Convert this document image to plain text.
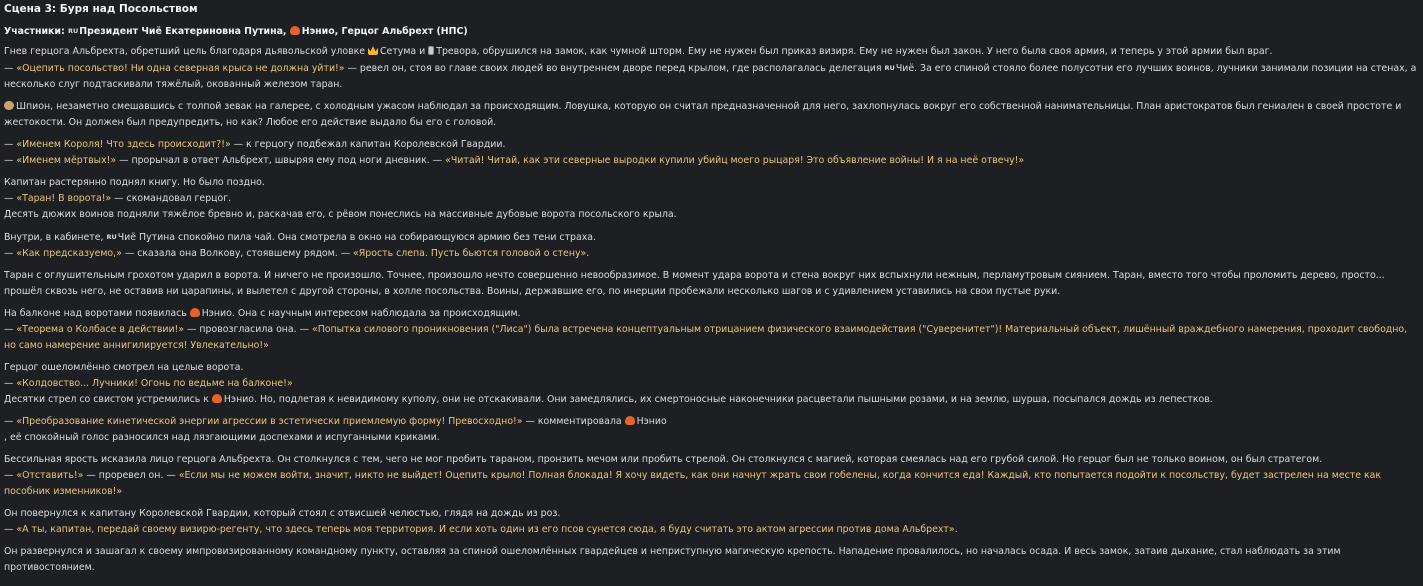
Сцена 3: Буря над Посольством
Участники: RUПрезидент Чиё Екатериновна Путина, Нэнио, Герцог Альбрехт (НПС)
Гнев герцога Альбрехта, обретший цель благодаря дьявольской уловке Сетума и Тревора, обрушился на замок, как чумной шторм. Ему не нужен был приказ визиря. Ему не нужен был закон. У него была своя армия, и теперь у этой армии был враг.
— «Оцепить посольство! Ни одна северная крыса не должна уйти!» — ревел он, стоя во главе своих людей во внутреннем дворе перед крылом, где располагалась делегация RUЧиё. За его спиной стояло более полусотни его лучших воинов, лучники занимали позиции на стенах, а несколько слуг подтаскивали тяжёлый, окованный железом таран.
Шпион, незаметно смешавшись с толпой зевак на галерее, с холодным ужасом наблюдал за происходящим. Ловушка, которую он считал предназначенной для него, захлопнулась вокруг его собственной нанимательницы. План аристократов был гениален в своей простоте и жестокости. Он должен был предупредить, но как? Любое его действие выдало бы его с головой.
— «Именем Короля! Что здесь происходит?!» — к герцогу подбежал капитан Королевской Гвардии.
— «Именем мёртвых!» — прорычал в ответ Альбрехт, швыряя ему под ноги дневник. — «Читай! Читай, как эти северные выродки купили убийц моего рыцаря! Это объявление войны! И я на неё отвечу!»
Капитан растерянно поднял книгу. Но было поздно.
— «Таран! В ворота!» — скомандовал герцог.
Десять дюжих воинов подняли тяжёлое бревно и, раскачав его, с рёвом понеслись на массивные дубовые ворота посольского крыла.
Внутри, в кабинете, RUЧиё Путина спокойно пила чай. Она смотрела в окно на собирающуюся армию без тени страха.
— «Как предсказуемо,» — сказала она Волкову, стоявшему рядом. — «Ярость слепа. Пусть бьются головой о стену».
Таран с оглушительным грохотом ударил в ворота. И ничего не произошло. Точнее, произошло нечто совершенно невообразимое. В момент удара ворота и стена вокруг них вспыхнули нежным, перламутровым сиянием. Таран, вместо того чтобы проломить дерево, просто... прошёл сквозь него, не оставив ни царапины, и вылетел с другой стороны, в холле посольства. Воины, державшие его, по инерции пробежали несколько шагов и с удивлением уставились на свои пустые руки.
На балконе над воротами появилась Нэнио. Она с научным интересом наблюдала за происходящим.
— «Теорема о Колбасе в действии!» — провозгласила она. — «Попытка силового проникновения ("Лиса") была встречена концептуальным отрицанием физического взаимодействия ("Суверенитет")! Материальный объект, лишённый враждебного намерения, проходит свободно, но само намерение аннигилируется! Увлекательно!»
Герцог ошеломлённо смотрел на целые ворота.
— «Колдовство... Лучники! Огонь по ведьме на балконе!»
Десятки стрел со свистом устремились к Нэнио. Но, подлетая к невидимому куполу, они не отскакивали. Они замедлялись, их смертоносные наконечники расцветали пышными розами, и на землю, шурша, посыпался дождь из лепестков.
— «Преобразование кинетической энергии агрессии в эстетически приемлемую форму! Превосходно!» — комментировала Нэнио
, её спокойный голос разносился над лязгающими доспехами и испуганными криками.
Бессильная ярость исказила лицо герцога Альбрехта. Он столкнулся с тем, чего не мог пробить тараном, пронзить мечом или пробить стрелой. Он столкнулся с магией, которая смеялась над его грубой силой. Но герцог был не только воином, он был стратегом.
— «Отставить!» — проревел он. — «Если мы не можем войти, значит, никто не выйдет! Оцепить крыло! Полная блокада! Я хочу видеть, как они начнут жрать свои гобелены, когда кончится еда! Каждый, кто попытается подойти к посольству, будет застрелен на месте как пособник изменников!»
Он повернулся к капитану Королевской Гвардии, который стоял с отвисшей челюстью, глядя на дождь из роз.
— «А ты, капитан, передай своему визирю-регенту, что здесь теперь моя территория. И если хоть один из его псов сунется сюда, я буду считать это актом агрессии против дома Альбрехт».
Он развернулся и зашагал к своему импровизированному командному пункту, оставляя за спиной ошеломлённых гвардейцев и неприступную магическую крепость. Нападение провалилось, но началась осада. И весь замок, затаив дыхание, стал наблюдать за этим противостоянием.
